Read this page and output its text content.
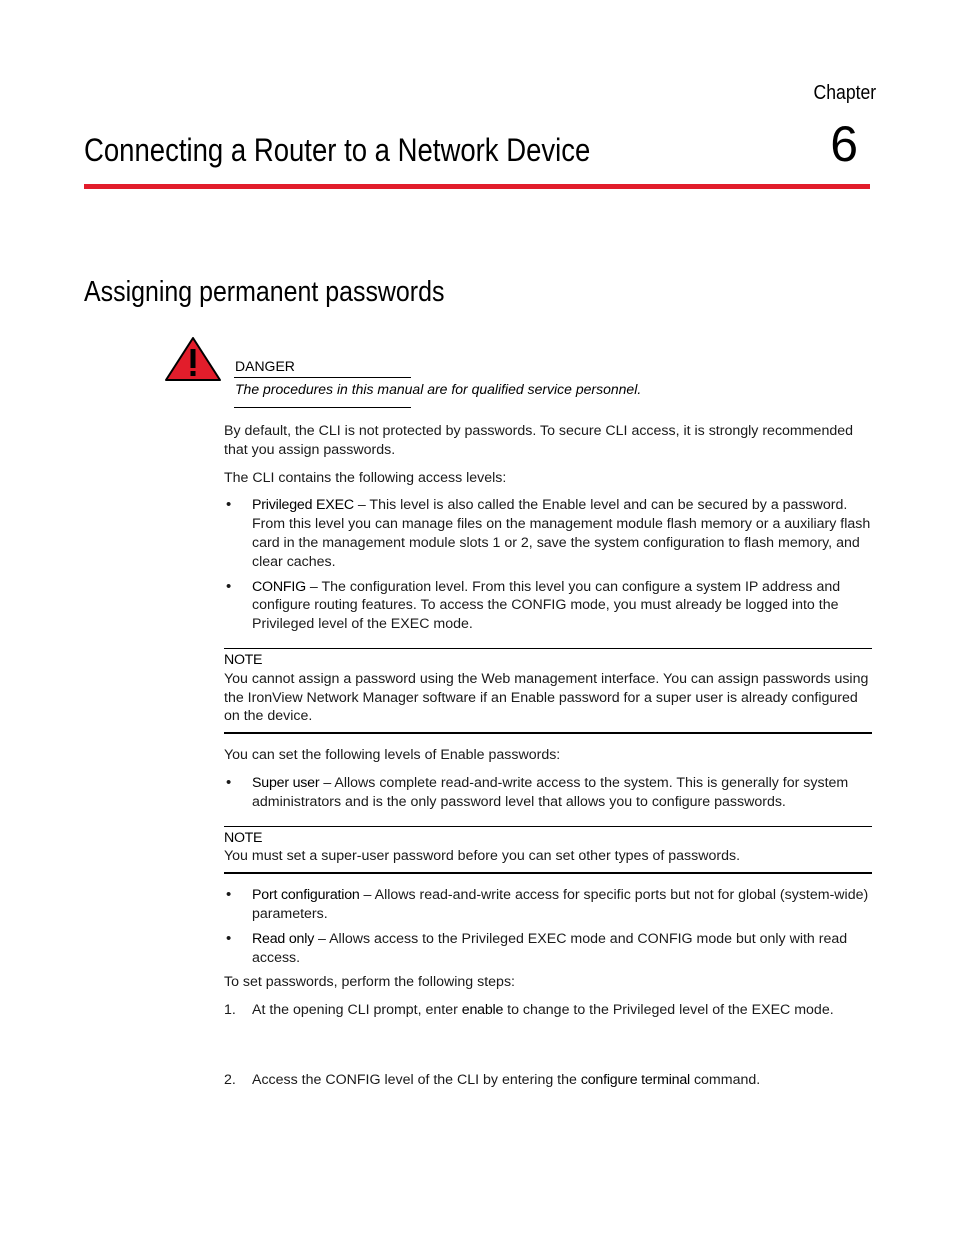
Chapter
6
Connecting a Router to a Network Device
Assigning permanent passwords
DANGER
The procedures in this manual are for qualified service personnel.

By default, the CLI is not protected by passwords. To secure CLI access, it is strongly recommended that you assign passwords.

The CLI contains the following access levels:

• Privileged EXEC – This level is also called the Enable level and can be secured by a password. From this level you can manage files on the management module flash memory or a auxiliary flash card in the management module slots 1 or 2, save the system configuration to flash memory, and clear caches.
• CONFIG – The configuration level. From this level you can configure a system IP address and configure routing features. To access the CONFIG mode, you must already be logged into the Privileged level of the EXEC mode.
NOTE
You cannot assign a password using the Web management interface. You can assign passwords using the IronView Network Manager software if an Enable password for a super user is already configured on the device.

You can set the following levels of Enable passwords:

• Super user – Allows complete read-and-write access to the system. This is generally for system administrators and is the only password level that allows you to configure passwords.
NOTE
You must set a super-user password before you can set other types of passwords.
• Port configuration – Allows read-and-write access for specific ports but not for global (system-wide) parameters.
• Read only – Allows access to the Privileged EXEC mode and CONFIG mode but only with read access.

To set passwords, perform the following steps:

1. At the opening CLI prompt, enter enable to change to the Privileged level of the EXEC mode.
2. Access the CONFIG level of the CLI by entering the configure terminal command.
